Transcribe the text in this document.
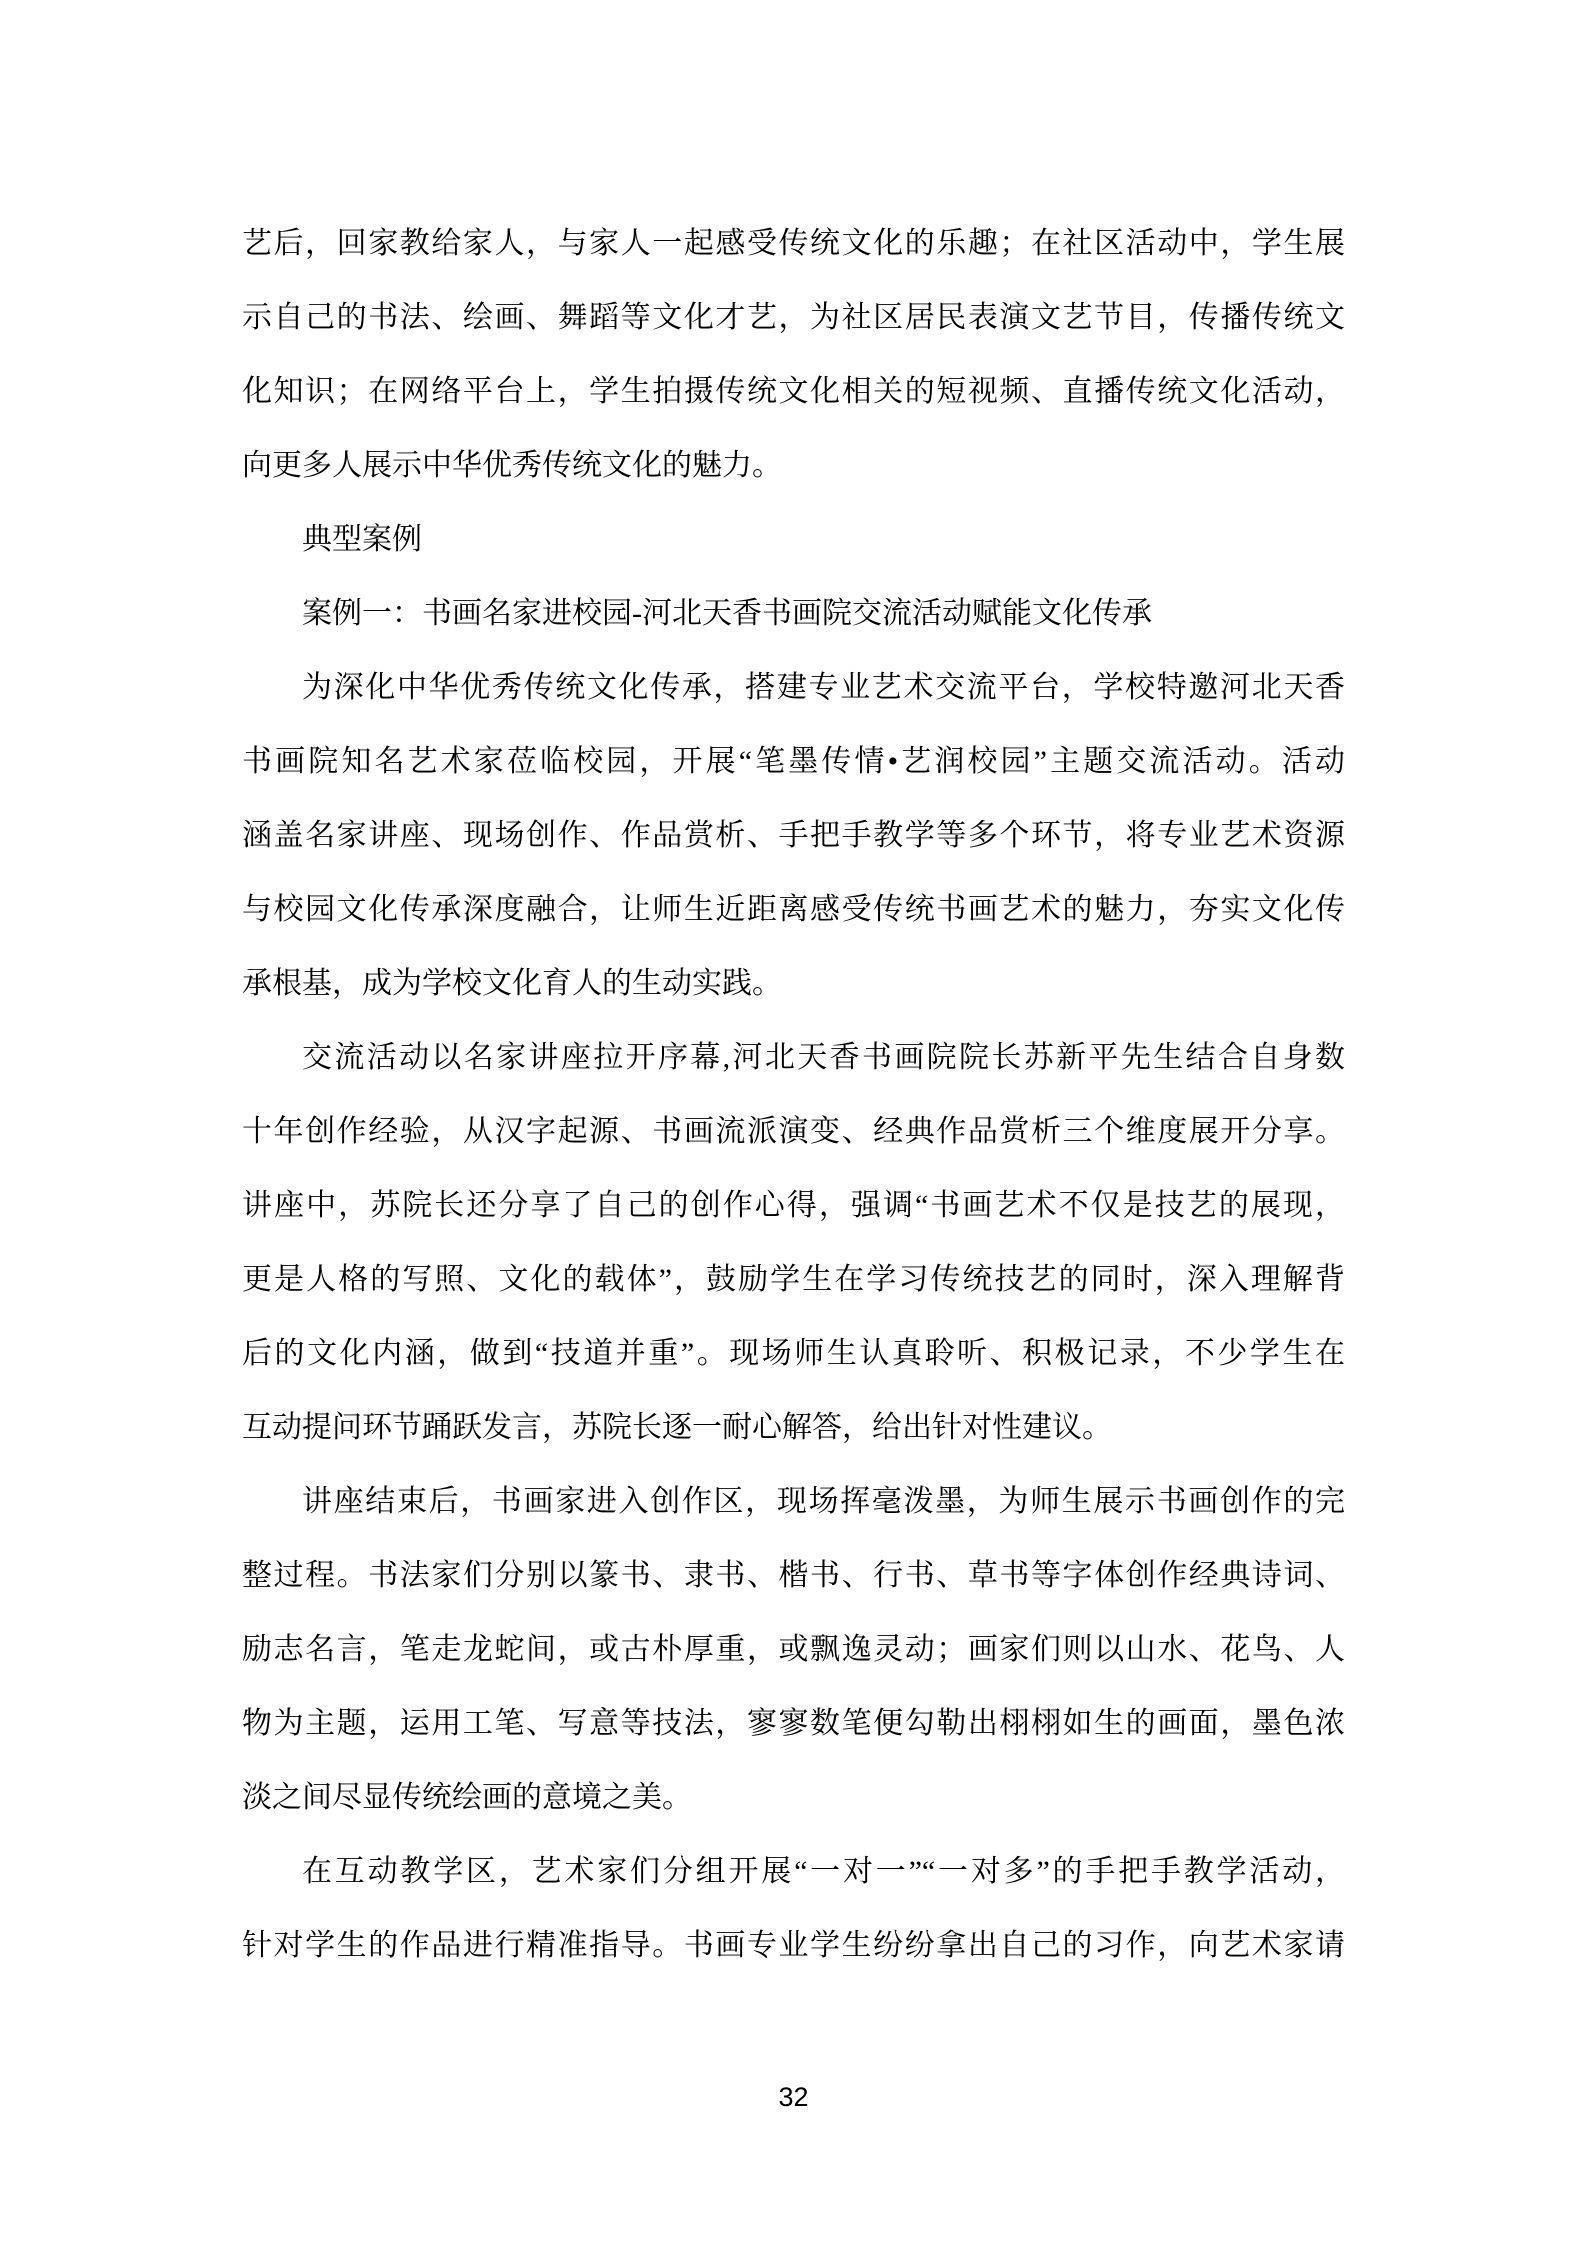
艺后，回家教给家人，与家人一起感受传统文化的乐趣；在社区活动中，学生展
示自己的书法、绘画、舞蹈等文化才艺，为社区居民表演文艺节目，传播传统文
化知识；在网络平台上，学生拍摄传统文化相关的短视频、直播传统文化活动，
向更多人展示中华优秀传统文化的魅力。
典型案例
案例一：书画名家进校园-河北天香书画院交流活动赋能文化传承
为深化中华优秀传统文化传承，搭建专业艺术交流平台，学校特邀河北天香
书画院知名艺术家莅临校园，开展“笔墨传情•艺润校园”主题交流活动。活动
涵盖名家讲座、现场创作、作品赏析、手把手教学等多个环节，将专业艺术资源
与校园文化传承深度融合，让师生近距离感受传统书画艺术的魅力，夯实文化传
承根基，成为学校文化育人的生动实践。
交流活动以名家讲座拉开序幕,河北天香书画院院长苏新平先生结合自身数
十年创作经验，从汉字起源、书画流派演变、经典作品赏析三个维度展开分享。
讲座中，苏院长还分享了自己的创作心得，强调“书画艺术不仅是技艺的展现，
更是人格的写照、文化的载体”，鼓励学生在学习传统技艺的同时，深入理解背
后的文化内涵，做到“技道并重”。现场师生认真聆听、积极记录，不少学生在
互动提问环节踊跃发言，苏院长逐一耐心解答，给出针对性建议。
讲座结束后，书画家进入创作区，现场挥毫泼墨，为师生展示书画创作的完
整过程。书法家们分别以篆书、隶书、楷书、行书、草书等字体创作经典诗词、
励志名言，笔走龙蛇间，或古朴厚重，或飘逸灵动；画家们则以山水、花鸟、人
物为主题，运用工笔、写意等技法，寥寥数笔便勾勒出栩栩如生的画面，墨色浓
淡之间尽显传统绘画的意境之美。
在互动教学区，艺术家们分组开展“一对一”“一对多”的手把手教学活动，
针对学生的作品进行精准指导。书画专业学生纷纷拿出自己的习作，向艺术家请
32
